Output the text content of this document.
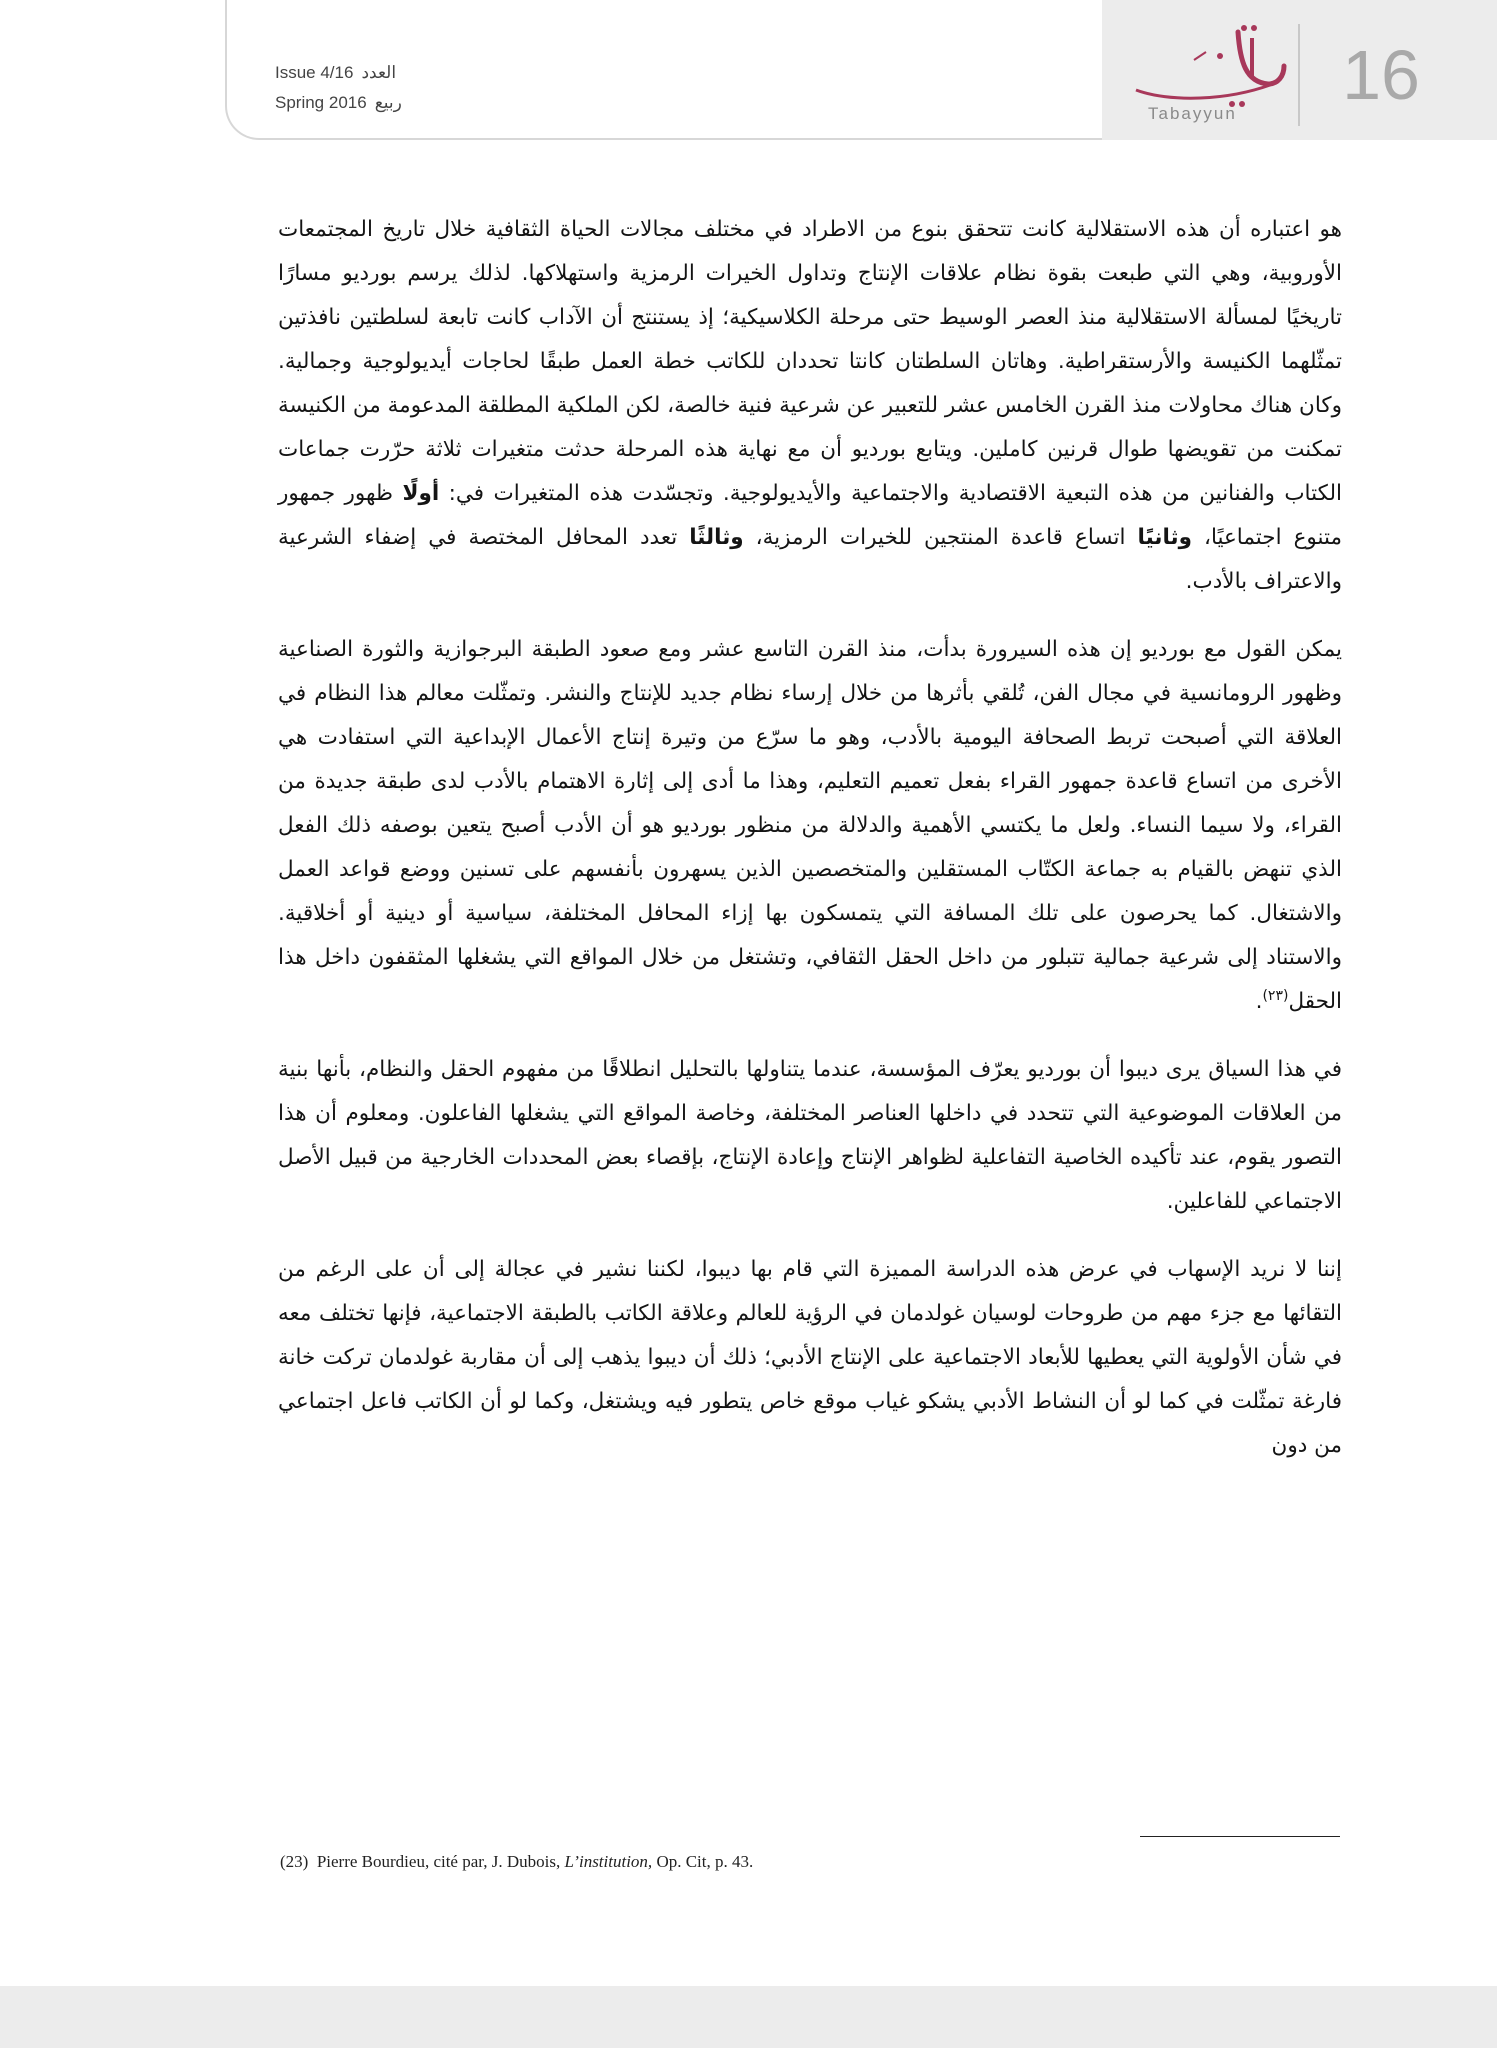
Issue 4/16 العدد
Spring 2016 ربيع
Tabayyun	16

هو اعتباره أن هذه الاستقلالية كانت تتحقق بنوع من الاطراد في مختلف مجالات الحياة الثقافية خلال تاريخ المجتمعات الأوروبية، وهي التي طبعت بقوة نظام علاقات الإنتاج وتداول الخيرات الرمزية واستهلاكها. لذلك يرسم بورديو مسارًا تاريخيًا لمسألة الاستقلالية منذ العصر الوسيط حتى مرحلة الكلاسيكية؛ إذ يستنتج أن الآداب كانت تابعة لسلطتين نافذتين تمثّلهما الكنيسة والأرستقراطية. وهاتان السلطتان كانتا تحددان للكاتب خطة العمل طبقًا لحاجات أيديولوجية وجمالية. وكان هناك محاولات منذ القرن الخامس عشر للتعبير عن شرعية فنية خالصة، لكن الملكية المطلقة المدعومة من الكنيسة تمكنت من تقويضها طوال قرنين كاملين. ويتابع بورديو أن مع نهاية هذه المرحلة حدثت متغيرات ثلاثة حرّرت جماعات الكتاب والفنانين من هذه التبعية الاقتصادية والاجتماعية والأيديولوجية. وتجسّدت هذه المتغيرات في: أولًا ظهور جمهور متنوع اجتماعيًا، وثانيًا اتساع قاعدة المنتجين للخيرات الرمزية، وثالثًا تعدد المحافل المختصة في إضفاء الشرعية والاعتراف بالأدب.

يمكن القول مع بورديو إن هذه السيرورة بدأت، منذ القرن التاسع عشر ومع صعود الطبقة البرجوازية والثورة الصناعية وظهور الرومانسية في مجال الفن، تُلقي بأثرها من خلال إرساء نظام جديد للإنتاج والنشر. وتمثّلت معالم هذا النظام في العلاقة التي أصبحت تربط الصحافة اليومية بالأدب، وهو ما سرّع من وتيرة إنتاج الأعمال الإبداعية التي استفادت هي الأخرى من اتساع قاعدة جمهور القراء بفعل تعميم التعليم، وهذا ما أدى إلى إثارة الاهتمام بالأدب لدى طبقة جديدة من القراء، ولا سيما النساء. ولعل ما يكتسي الأهمية والدلالة من منظور بورديو هو أن الأدب أصبح يتعين بوصفه ذلك الفعل الذي تنهض بالقيام به جماعة الكتّاب المستقلين والمتخصصين الذين يسهرون بأنفسهم على تسنين ووضع قواعد العمل والاشتغال. كما يحرصون على تلك المسافة التي يتمسكون بها إزاء المحافل المختلفة، سياسية أو دينية أو أخلاقية. والاستناد إلى شرعية جمالية تتبلور من داخل الحقل الثقافي، وتشتغل من خلال المواقع التي يشغلها المثقفون داخل هذا الحقل$^{(٢٣)}$.

في هذا السياق يرى ديبوا أن بورديو يعرّف المؤسسة، عندما يتناولها بالتحليل انطلاقًا من مفهوم الحقل والنظام، بأنها بنية من العلاقات الموضوعية التي تتحدد في داخلها العناصر المختلفة، وخاصة المواقع التي يشغلها الفاعلون. ومعلوم أن هذا التصور يقوم، عند تأكيده الخاصية التفاعلية لظواهر الإنتاج وإعادة الإنتاج، بإقصاء بعض المحددات الخارجية من قبيل الأصل الاجتماعي للفاعلين.

إننا لا نريد الإسهاب في عرض هذه الدراسة المميزة التي قام بها ديبوا، لكننا نشير في عجالة إلى أن على الرغم من التقائها مع جزء مهم من طروحات لوسيان غولدمان في الرؤية للعالم وعلاقة الكاتب بالطبقة الاجتماعية، فإنها تختلف معه في شأن الأولوية التي يعطيها للأبعاد الاجتماعية على الإنتاج الأدبي؛ ذلك أن ديبوا يذهب إلى أن مقاربة غولدمان تركت خانة فارغة تمثّلت في كما لو أن النشاط الأدبي يشكو غياب موقع خاص يتطور فيه ويشتغل، وكما لو أن الكاتب فاعل اجتماعي من دون

(23) Pierre Bourdieu, cité par, J. Dubois, L’institution, Op. Cit, p. 43.
